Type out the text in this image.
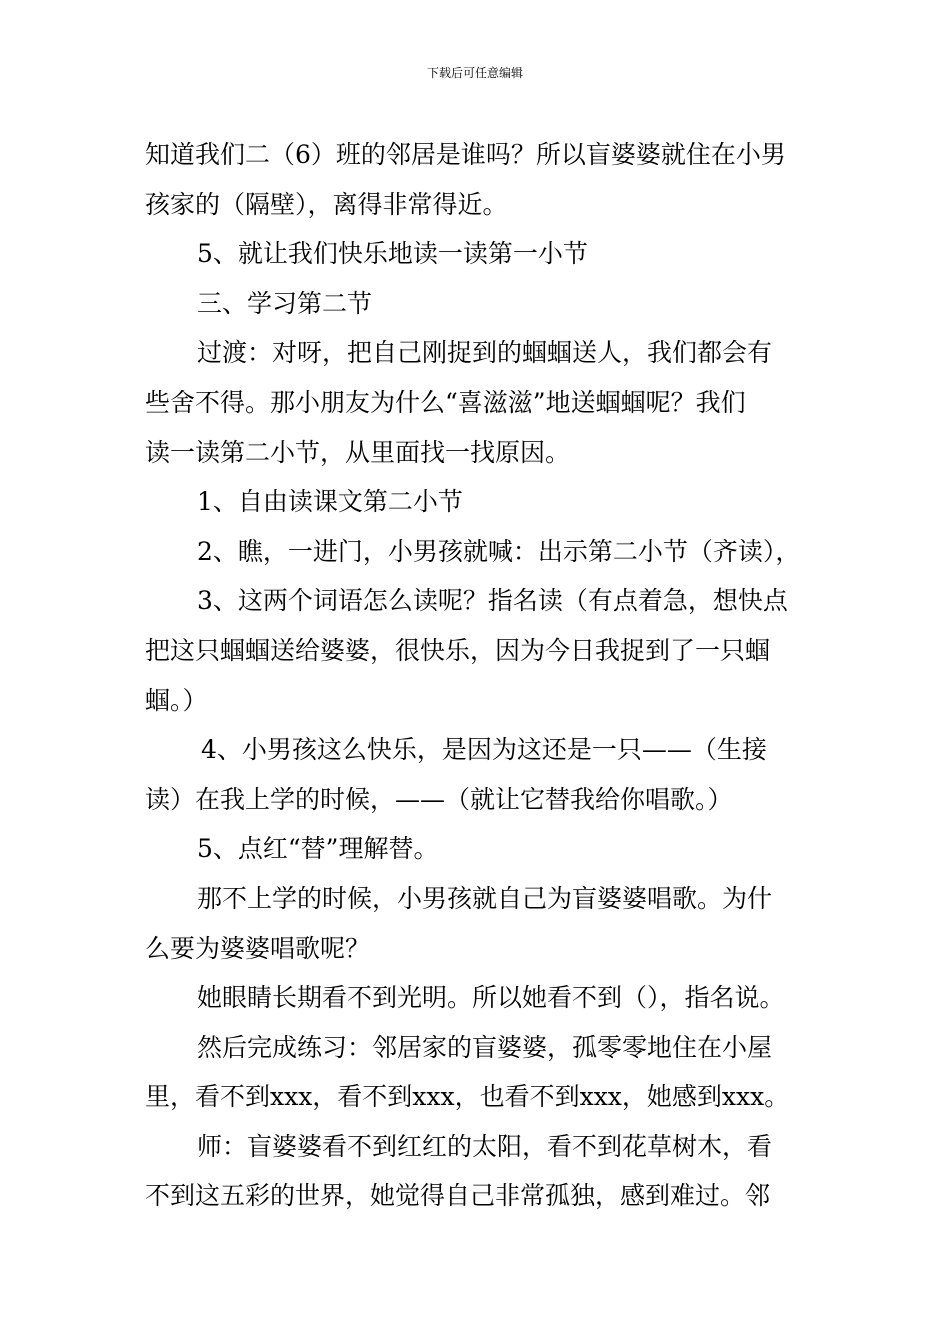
下载后可任意编辑
知道我们二（6）班的邻居是谁吗？所以盲婆婆就住在小男
孩家的（隔壁），离得非常得近。
5、就让我们快乐地读一读第一小节
三、学习第二节
过渡：对呀，把自己刚捉到的蝈蝈送人，我们都会有
些舍不得。那小朋友为什么“喜滋滋”地送蝈蝈呢？我们
读一读第二小节，从里面找一找原因。
1、自由读课文第二小节
2、瞧，一进门，小男孩就喊：出示第二小节（齐读），
3、这两个词语怎么读呢？指名读（有点着急，想快点
把这只蝈蝈送给婆婆，很快乐，因为今日我捉到了一只蝈
蝈。）
4、小男孩这么快乐，是因为这还是一只——（生接
读）在我上学的时候，——（就让它替我给你唱歌。）
5、点红“替”理解替。
那不上学的时候，小男孩就自己为盲婆婆唱歌。为什
么要为婆婆唱歌呢？
她眼睛长期看不到光明。所以她看不到（），指名说。
然后完成练习：邻居家的盲婆婆，孤零零地住在小屋
里，看不到xxx，看不到xxx，也看不到xxx，她感到xxx。
师：盲婆婆看不到红红的太阳，看不到花草树木，看
不到这五彩的世界，她觉得自己非常孤独，感到难过。邻
